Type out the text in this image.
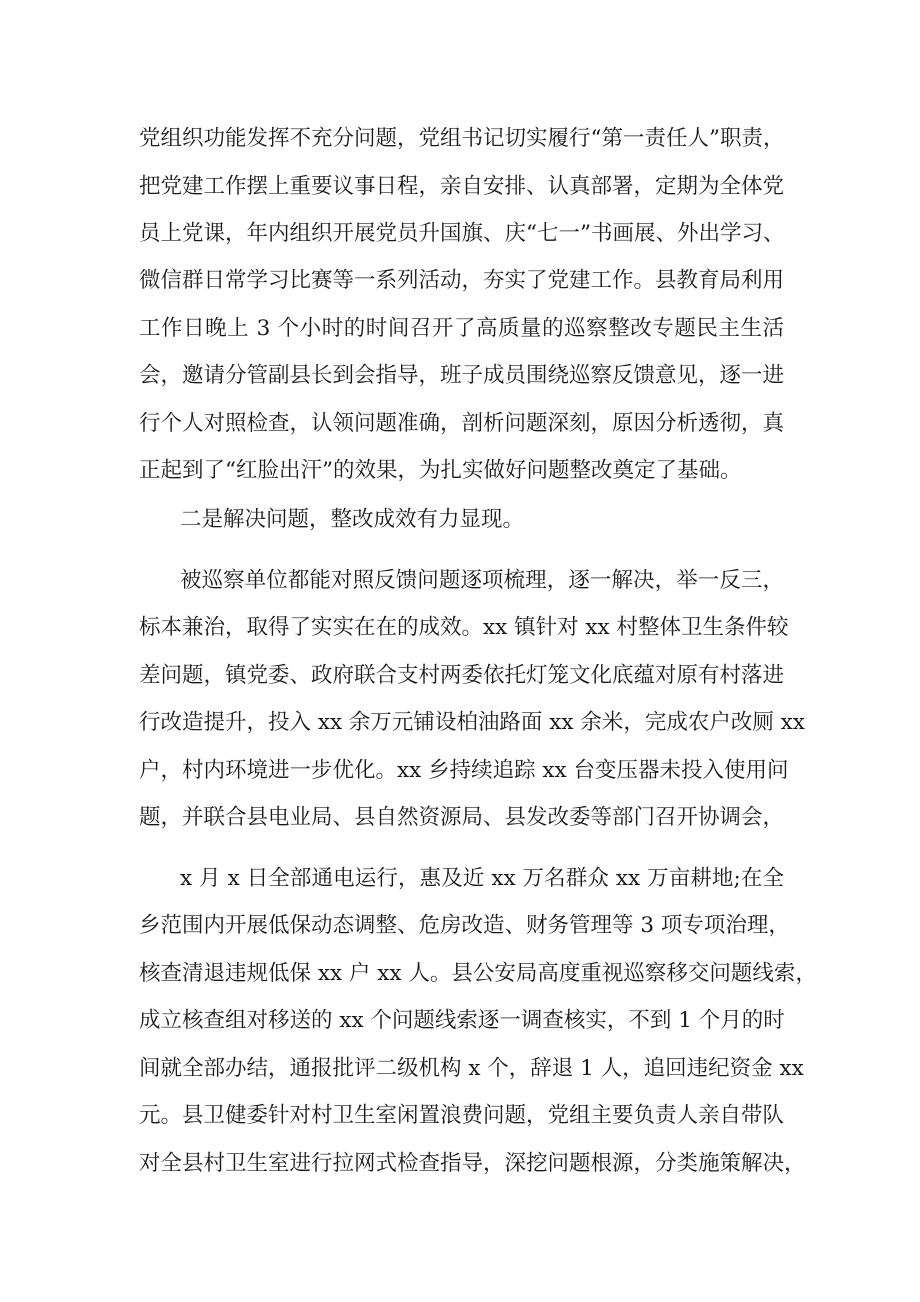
党组织功能发挥不充分问题，党组书记切实履行“第一责任人”职责，
把党建工作摆上重要议事日程，亲自安排、认真部署，定期为全体党
员上党课，年内组织开展党员升国旗、庆“七一”书画展、外出学习、
微信群日常学习比赛等一系列活动，夯实了党建工作。县教育局利用
工作日晚上 3 个小时的时间召开了高质量的巡察整改专题民主生活
会，邀请分管副县长到会指导，班子成员围绕巡察反馈意见，逐一进
行个人对照检查，认领问题准确，剖析问题深刻，原因分析透彻，真
正起到了“红脸出汗”的效果，为扎实做好问题整改奠定了基础。
二是解决问题，整改成效有力显现。
被巡察单位都能对照反馈问题逐项梳理，逐一解决，举一反三，
标本兼治，取得了实实在在的成效。xx 镇针对 xx 村整体卫生条件较
差问题，镇党委、政府联合支村两委依托灯笼文化底蕴对原有村落进
行改造提升，投入 xx 余万元铺设柏油路面 xx 余米，完成农户改厕 xx
户，村内环境进一步优化。xx 乡持续追踪 xx 台变压器未投入使用问
题，并联合县电业局、县自然资源局、县发改委等部门召开协调会，
x 月 x 日全部通电运行，惠及近 xx 万名群众 xx 万亩耕地;在全
乡范围内开展低保动态调整、危房改造、财务管理等 3 项专项治理，
核查清退违规低保 xx 户 xx 人。县公安局高度重视巡察移交问题线索，
成立核查组对移送的 xx 个问题线索逐一调查核实，不到 1 个月的时
间就全部办结，通报批评二级机构 x 个，辞退 1 人，追回违纪资金 xx
元。县卫健委针对村卫生室闲置浪费问题，党组主要负责人亲自带队
对全县村卫生室进行拉网式检查指导，深挖问题根源，分类施策解决，
